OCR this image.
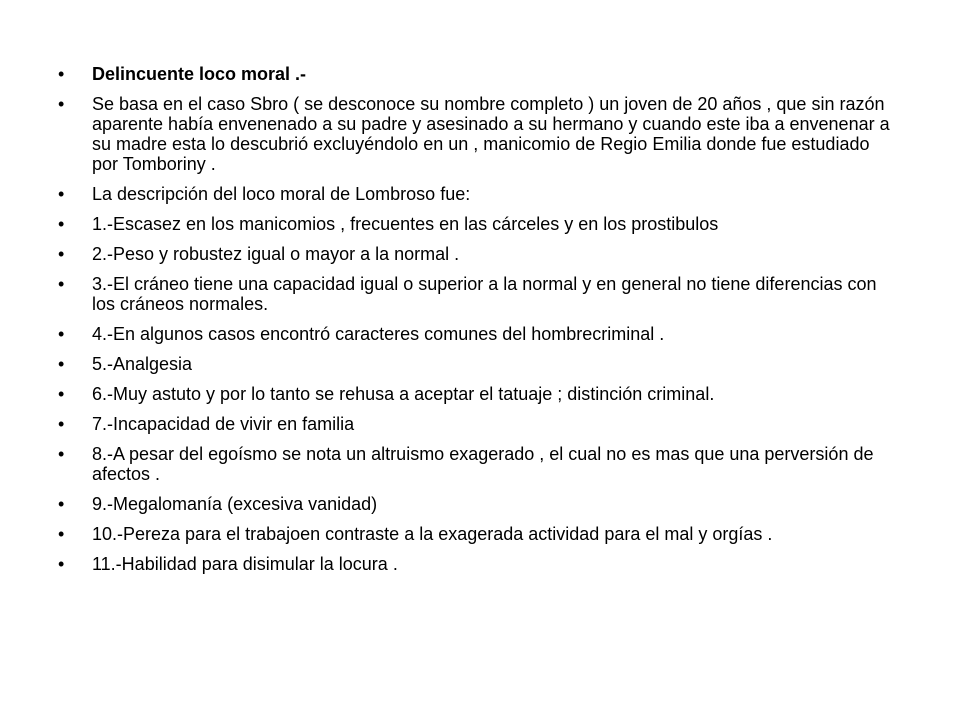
•	Delincuente loco moral .-
•	Se basa en el caso Sbro ( se desconoce su nombre completo ) un joven de 20 años , que sin razón aparente había envenenado a su padre y asesinado a su hermano y cuando este iba a envenenar a su madre esta lo descubrió excluyéndolo en un , manicomio de Regio Emilia donde fue estudiado por Tomboriny .
•	La descripción del loco moral de Lombroso fue:
•	1.-Escasez en los manicomios , frecuentes en las cárceles y en los prostibulos
•	2.-Peso y robustez igual o mayor a la normal .
•	3.-El cráneo tiene una capacidad igual o superior a la normal y en general no tiene diferencias con los cráneos normales.
•	4.-En algunos casos encontró caracteres comunes del hombrecriminal .
•	5.-Analgesia
•	6.-Muy astuto y por lo tanto se rehusa a aceptar el tatuaje ; distinción criminal.
•	7.-Incapacidad de vivir en familia
•	8.-A pesar del egoísmo se nota un altruismo exagerado , el cual no es mas que una perversión de afectos .
•	9.-Megalomanía (excesiva vanidad)
•	10.-Pereza para el trabajoen contraste a la exagerada actividad para el mal y orgías .
•	11.-Habilidad para disimular la locura .
